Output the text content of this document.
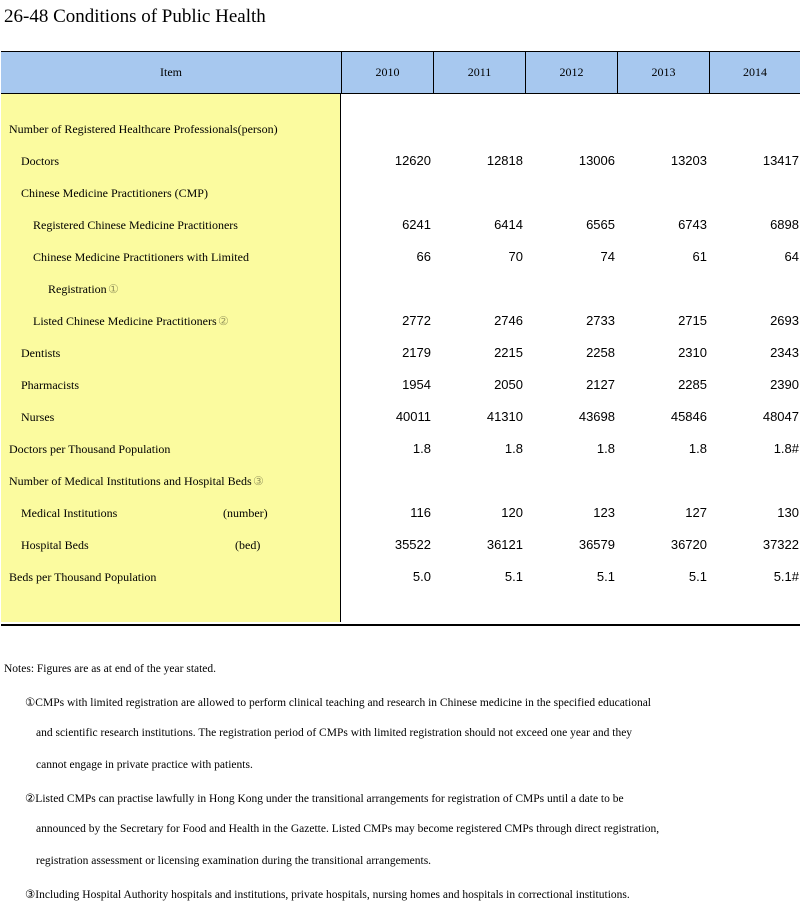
26-48 Conditions of Public Health
Item	2010	2011	2012	2013	2014
Number of Registered Healthcare Professionals(person)
Doctors	12620	12818	13006	13203	13417
Chinese Medicine Practitioners (CMP)
Registered Chinese Medicine Practitioners	6241	6414	6565	6743	6898
Chinese Medicine Practitioners with Limited	66	70	74	61	64
Registration ①
Listed Chinese Medicine Practitioners ②	2772	2746	2733	2715	2693
Dentists	2179	2215	2258	2310	2343
Pharmacists	1954	2050	2127	2285	2390
Nurses	40011	41310	43698	45846	48047
Doctors per Thousand Population	1.8	1.8	1.8	1.8	1.8#
Number of Medical Institutions and Hospital Beds ③
Medical Institutions	(number)	116	120	123	127	130
Hospital Beds	(bed)	35522	36121	36579	36720	37322
Beds per Thousand Population	5.0	5.1	5.1	5.1	5.1#
Notes: Figures are as at end of the year stated.
①CMPs with limited registration are allowed to perform clinical teaching and research in Chinese medicine in the specified educational
and scientific research institutions. The registration period of CMPs with limited registration should not exceed one year and they
cannot engage in private practice with patients.
②Listed CMPs can practise lawfully in Hong Kong under the transitional arrangements for registration of CMPs until a date to be
announced by the Secretary for Food and Health in the Gazette. Listed CMPs may become registered CMPs through direct registration,
registration assessment or licensing examination during the transitional arrangements.
③Including Hospital Authority hospitals and institutions, private hospitals, nursing homes and hospitals in correctional institutions.
